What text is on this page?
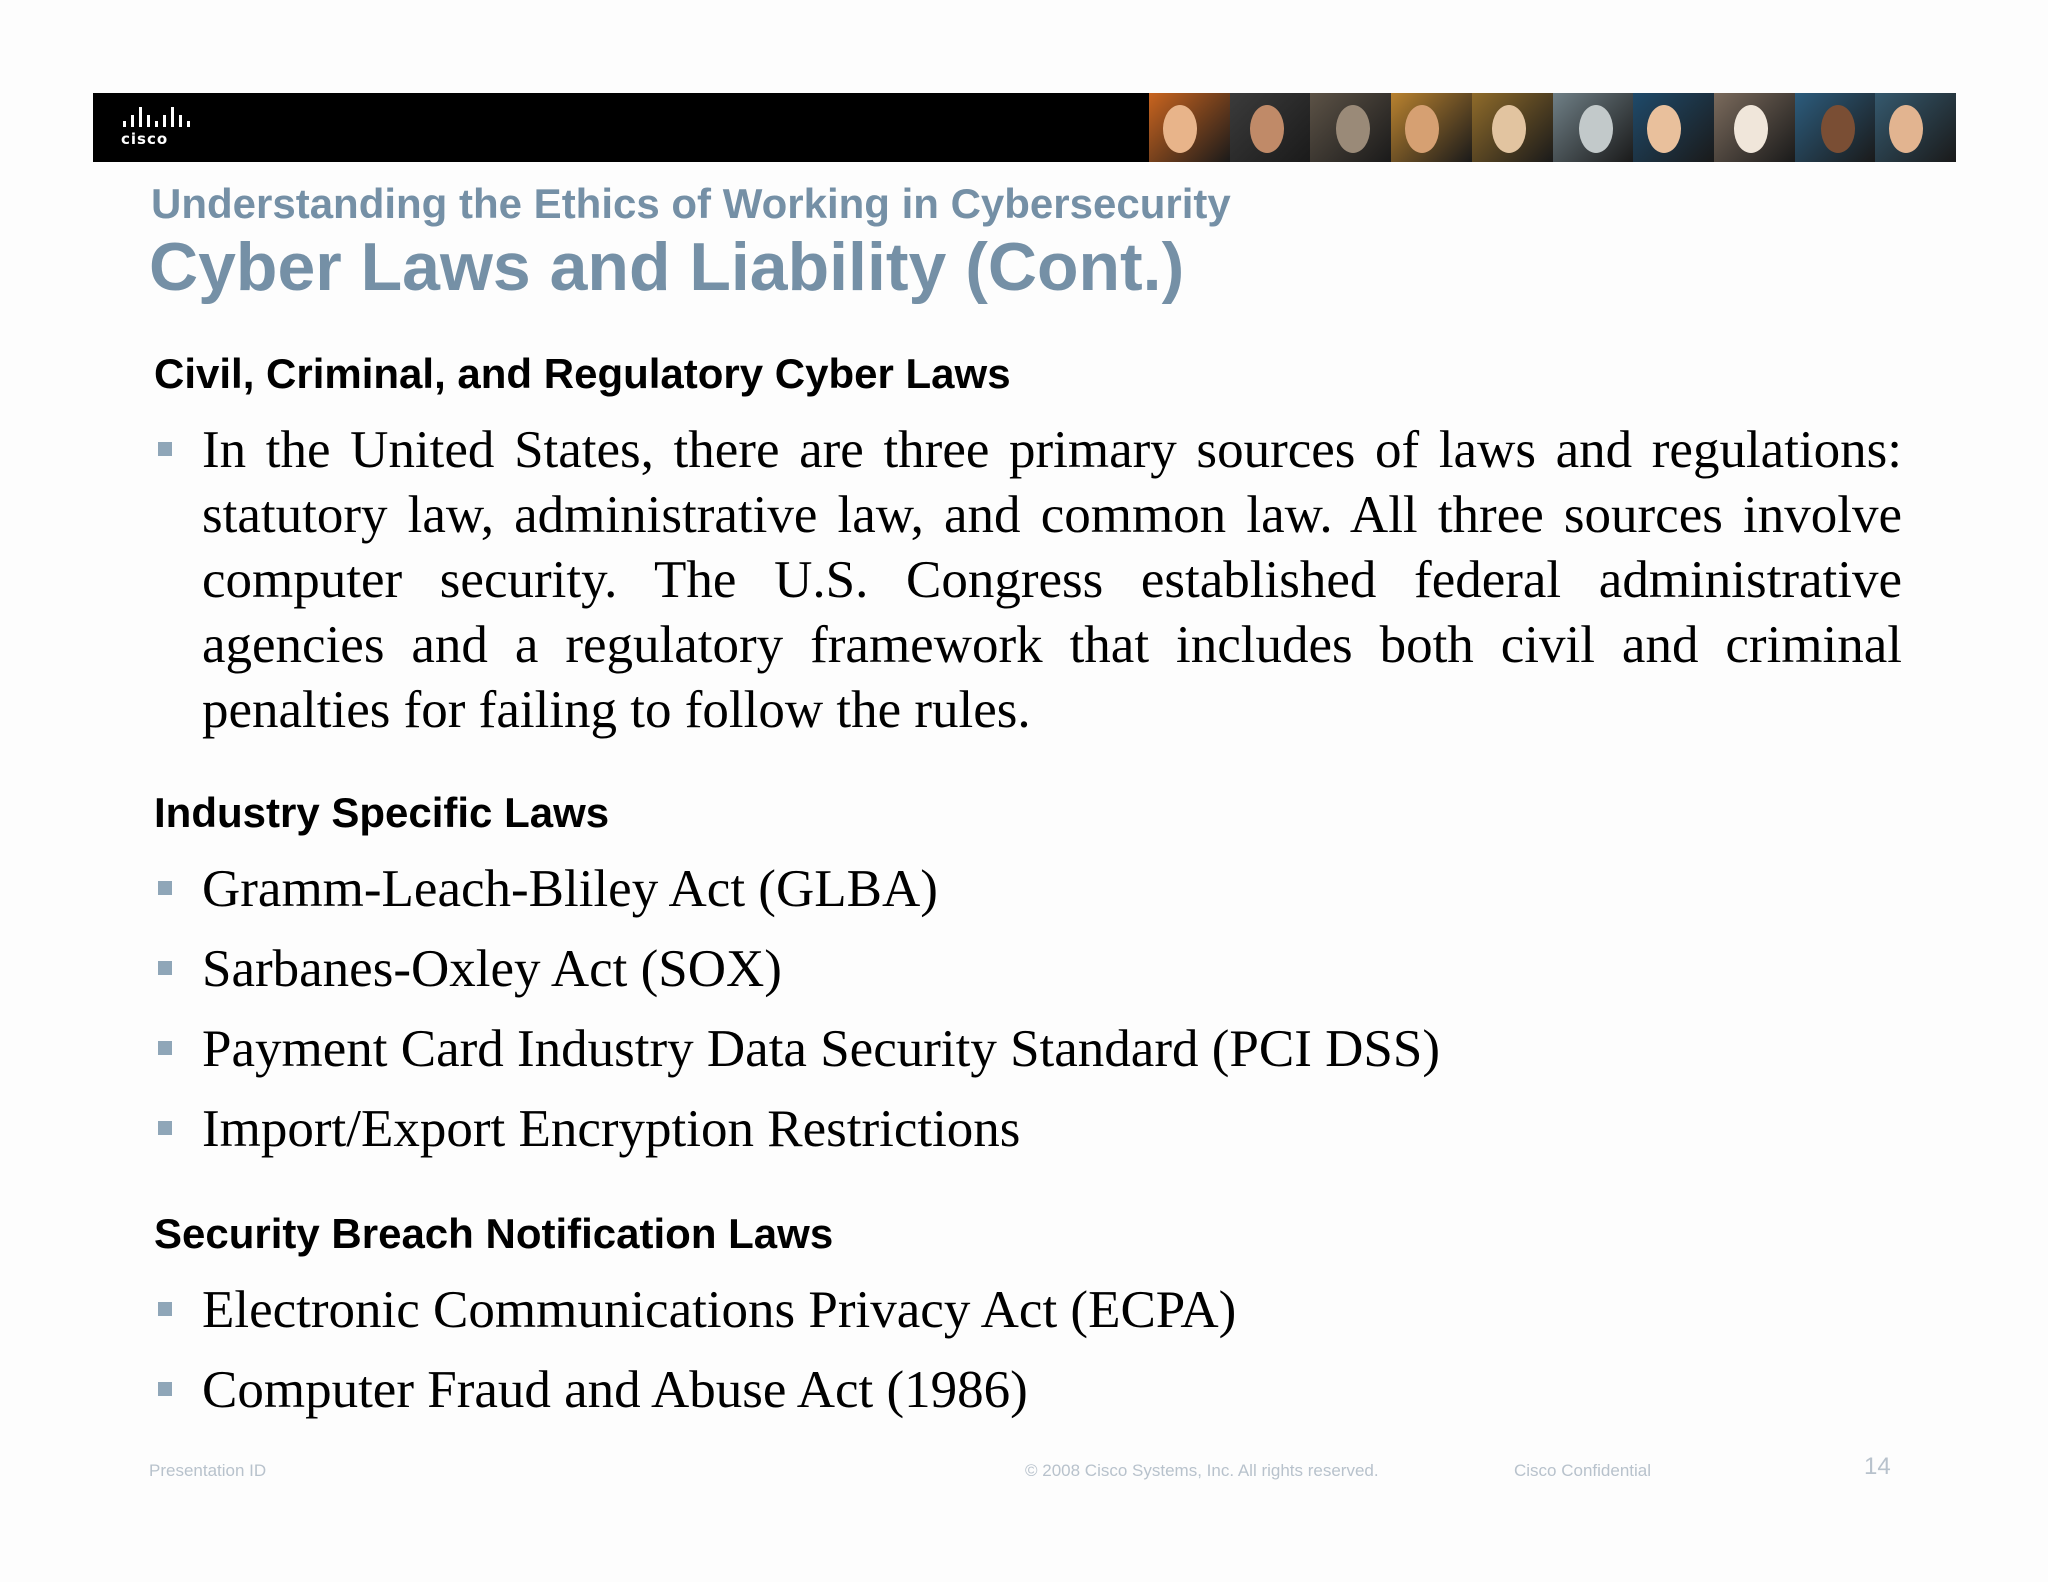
cisco
Understanding the Ethics of Working in Cybersecurity
Cyber Laws and Liability (Cont.)
Civil, Criminal, and Regulatory Cyber Laws
In the United States, there are three primary sources of laws and regulations: statutory law, administrative law, and common law. All three sources involve computer security. The U.S. Congress established federal administrative agencies and a regulatory framework that includes both civil and criminal penalties for failing to follow the rules.
Industry Specific Laws
Gramm-Leach-Bliley Act (GLBA)
Sarbanes-Oxley Act (SOX)
Payment Card Industry Data Security Standard (PCI DSS)
Import/Export Encryption Restrictions
Security Breach Notification Laws
Electronic Communications Privacy Act (ECPA)
Computer Fraud and Abuse Act (1986)
Presentation ID	© 2008 Cisco Systems, Inc. All rights reserved.	Cisco Confidential	14
